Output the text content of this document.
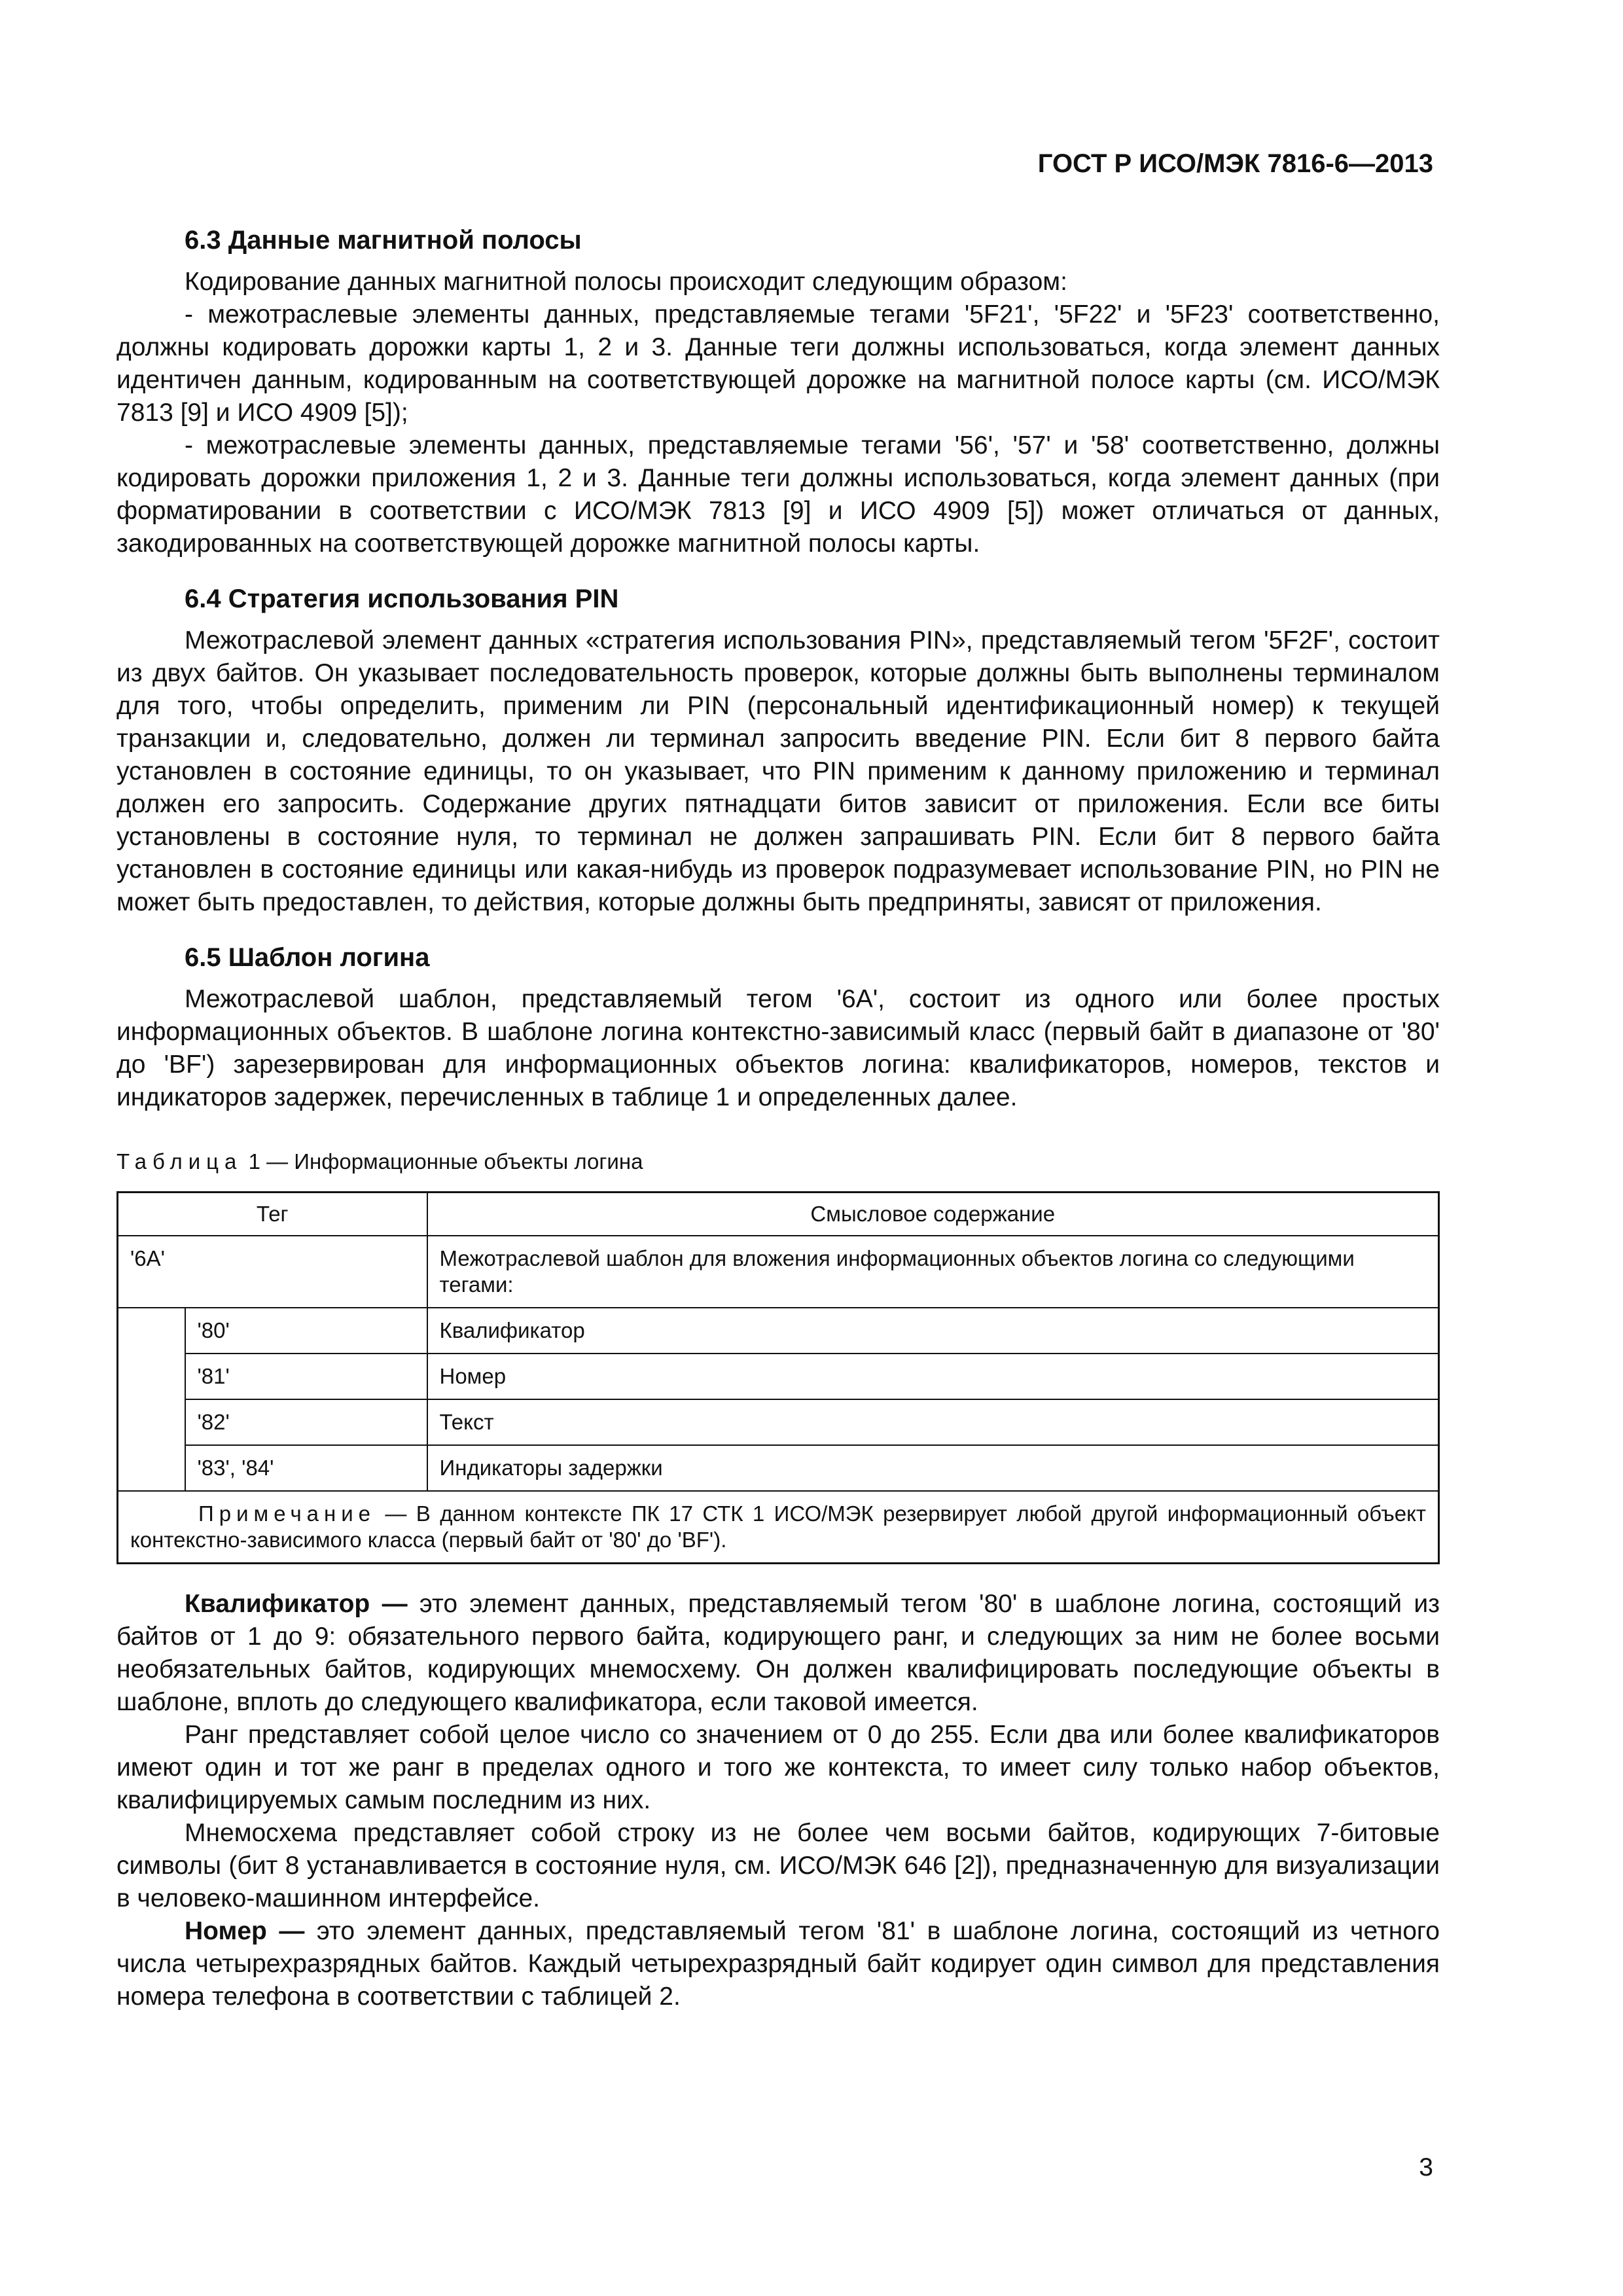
ГОСТ Р ИСО/МЭК 7816-6—2013
6.3 Данные магнитной полосы

Кодирование данных магнитной полосы происходит следующим образом:

- межотраслевые элементы данных, представляемые тегами '5F21', '5F22' и '5F23' соответственно, должны кодировать дорожки карты 1, 2 и 3. Данные теги должны использоваться, когда элемент данных идентичен данным, кодированным на соответствующей дорожке на магнитной полосе карты (см. ИСО/МЭК 7813 [9] и ИСО 4909 [5]);

- межотраслевые элементы данных, представляемые тегами '56', '57' и '58' соответственно, должны кодировать дорожки приложения 1, 2 и 3. Данные теги должны использоваться, когда элемент данных (при форматировании в соответствии с ИСО/МЭК 7813 [9] и ИСО 4909 [5]) может отличаться от данных, закодированных на соответствующей дорожке магнитной полосы карты.

6.4 Стратегия использования PIN

Межотраслевой элемент данных «стратегия использования PIN», представляемый тегом '5F2F', состоит из двух байтов. Он указывает последовательность проверок, которые должны быть выполнены терминалом для того, чтобы определить, применим ли PIN (персональный идентификационный номер) к текущей транзакции и, следовательно, должен ли терминал запросить введение PIN. Если бит 8 первого байта установлен в состояние единицы, то он указывает, что PIN применим к данному приложению и терминал должен его запросить. Содержание других пятнадцати битов зависит от приложения. Если все биты установлены в состояние нуля, то терминал не должен запрашивать PIN. Если бит 8 первого байта установлен в состояние единицы или какая-нибудь из проверок подразумевает использование PIN, но PIN не может быть предоставлен, то действия, которые должны быть предприняты, зависят от приложения.

6.5 Шаблон логина

Межотраслевой шаблон, представляемый тегом '6A', состоит из одного или более простых информационных объектов. В шаблоне логина контекстно-зависимый класс (первый байт в диапазоне от '80' до 'BF') зарезервирован для информационных объектов логина: квалификаторов, номеров, текстов и индикаторов задержек, перечисленных в таблице 1 и определенных далее.

Таблица 1 — Информационные объекты логина
Тег		Смысловое содержание
'6A'		Межотраслевой шаблон для вложения информационных объектов логина со следующими тегами:
	'80'	Квалификатор
	'81'	Номер
	'82'	Текст
	'83', '84'	Индикаторы задержки
Примечание — В данном контексте ПК 17 СТК 1 ИСО/МЭК резервирует любой другой информационный объект контекстно-зависимого класса (первый байт от '80' до 'BF').		

Квалификатор — это элемент данных, представляемый тегом '80' в шаблоне логина, состоящий из байтов от 1 до 9: обязательного первого байта, кодирующего ранг, и следующих за ним не более восьми необязательных байтов, кодирующих мнемосхему. Он должен квалифицировать последующие объекты в шаблоне, вплоть до следующего квалификатора, если таковой имеется.

Ранг представляет собой целое число со значением от 0 до 255. Если два или более квалификаторов имеют один и тот же ранг в пределах одного и того же контекста, то имеет силу только набор объектов, квалифицируемых самым последним из них.

Мнемосхема представляет собой строку из не более чем восьми байтов, кодирующих 7-битовые символы (бит 8 устанавливается в состояние нуля, см. ИСО/МЭК 646 [2]), предназначенную для визуализации в человеко-машинном интерфейсе.

Номер — это элемент данных, представляемый тегом '81' в шаблоне логина, состоящий из четного числа четырехразрядных байтов. Каждый четырехразрядный байт кодирует один символ для представления номера телефона в соответствии с таблицей 2.

3
